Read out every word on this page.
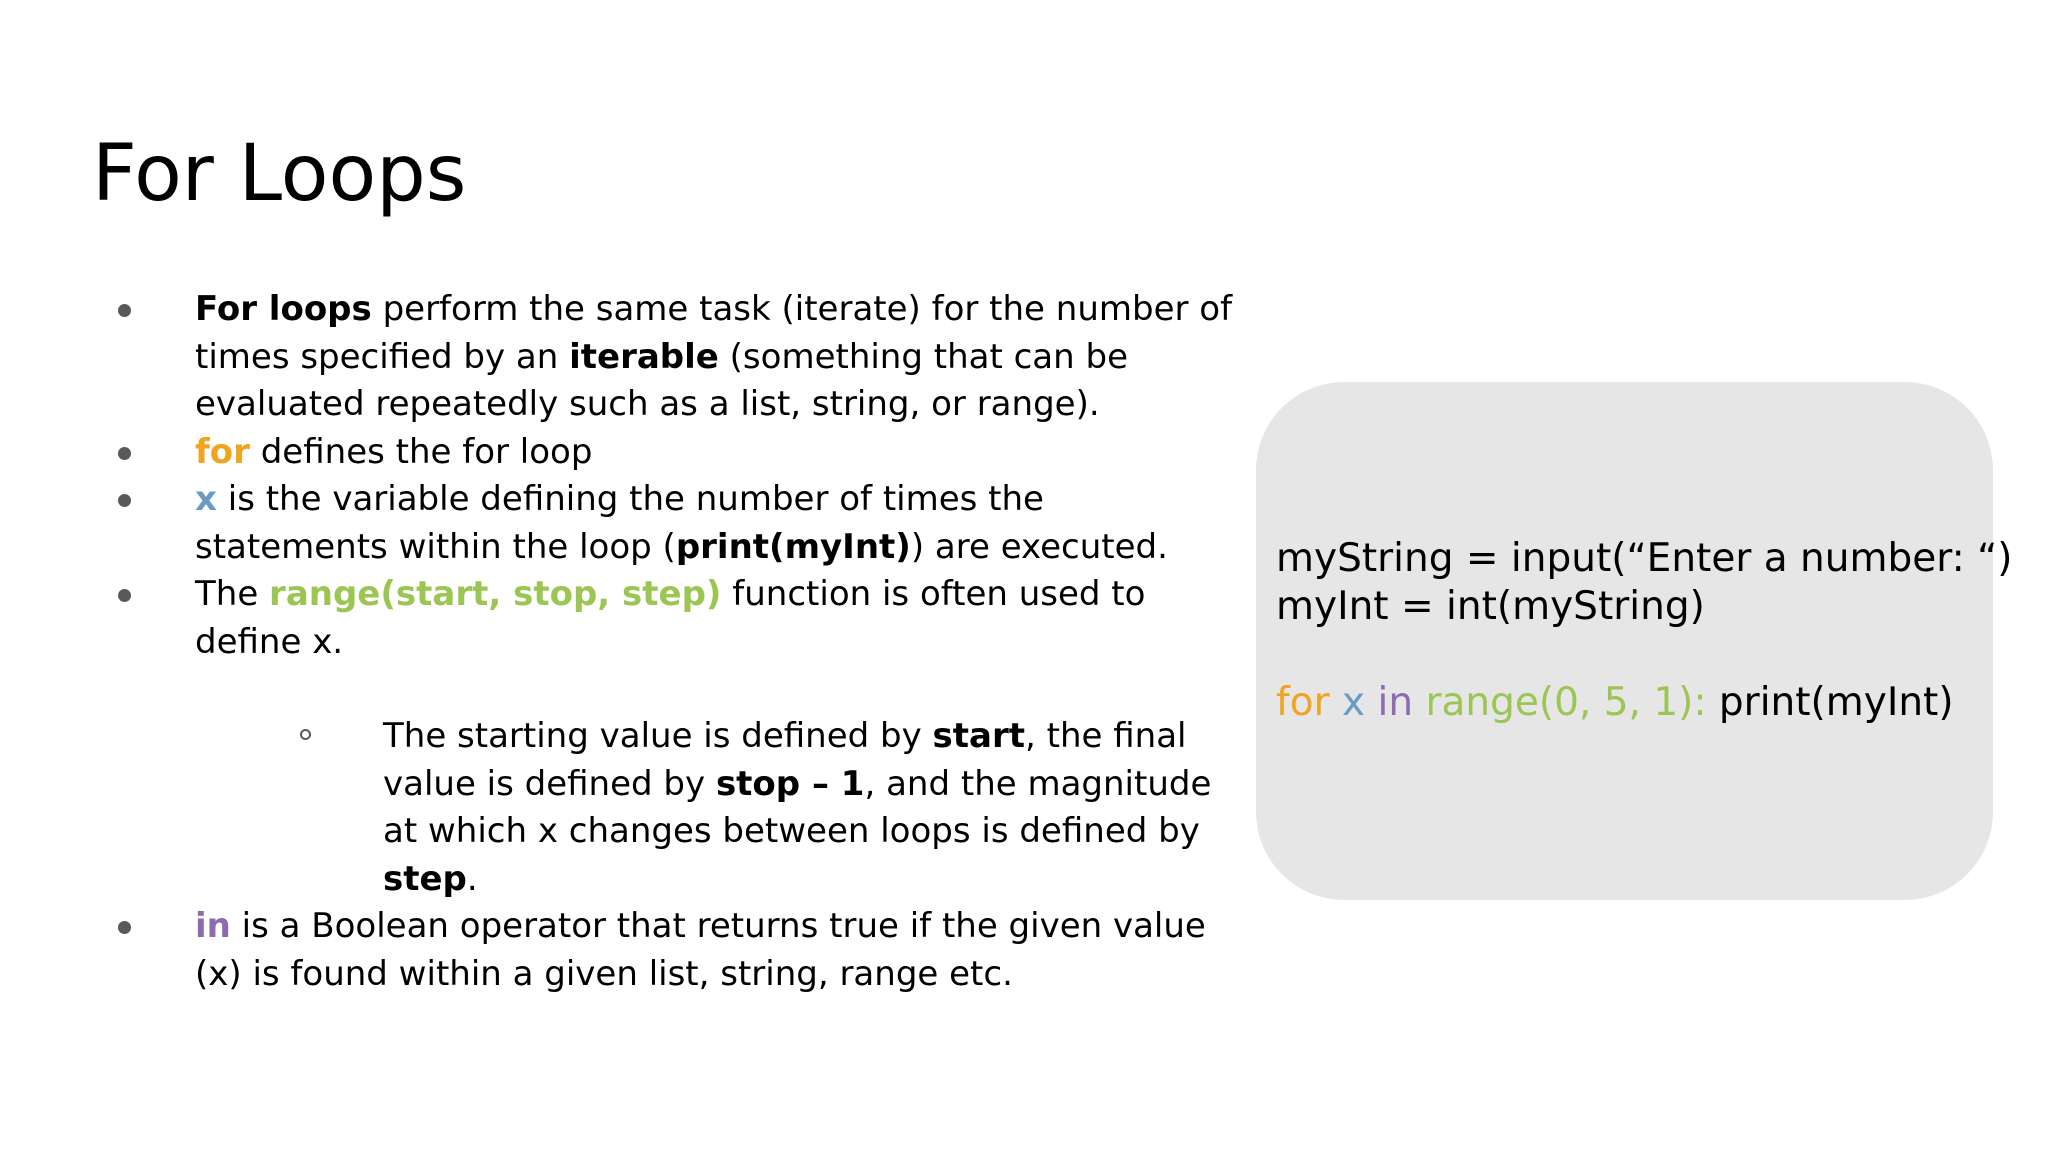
For Loops
For loops perform the same task (iterate) for the number of times specified by an iterable (something that can be evaluated repeatedly such as a list, string, or range).
for defines the for loop
x is the variable defining the number of times the statements within the loop (print(myInt)) are executed.
The range(start, stop, step) function is often used to define x.
The starting value is defined by start, the final value is defined by stop – 1, and the magnitude at which x changes between loops is defined by step.
in is a Boolean operator that returns true if the given value (x) is found within a given list, string, range etc.
myString = input(“Enter a number: “)
myInt = int(myString)
for x in range(0, 5, 1): print(myInt)
